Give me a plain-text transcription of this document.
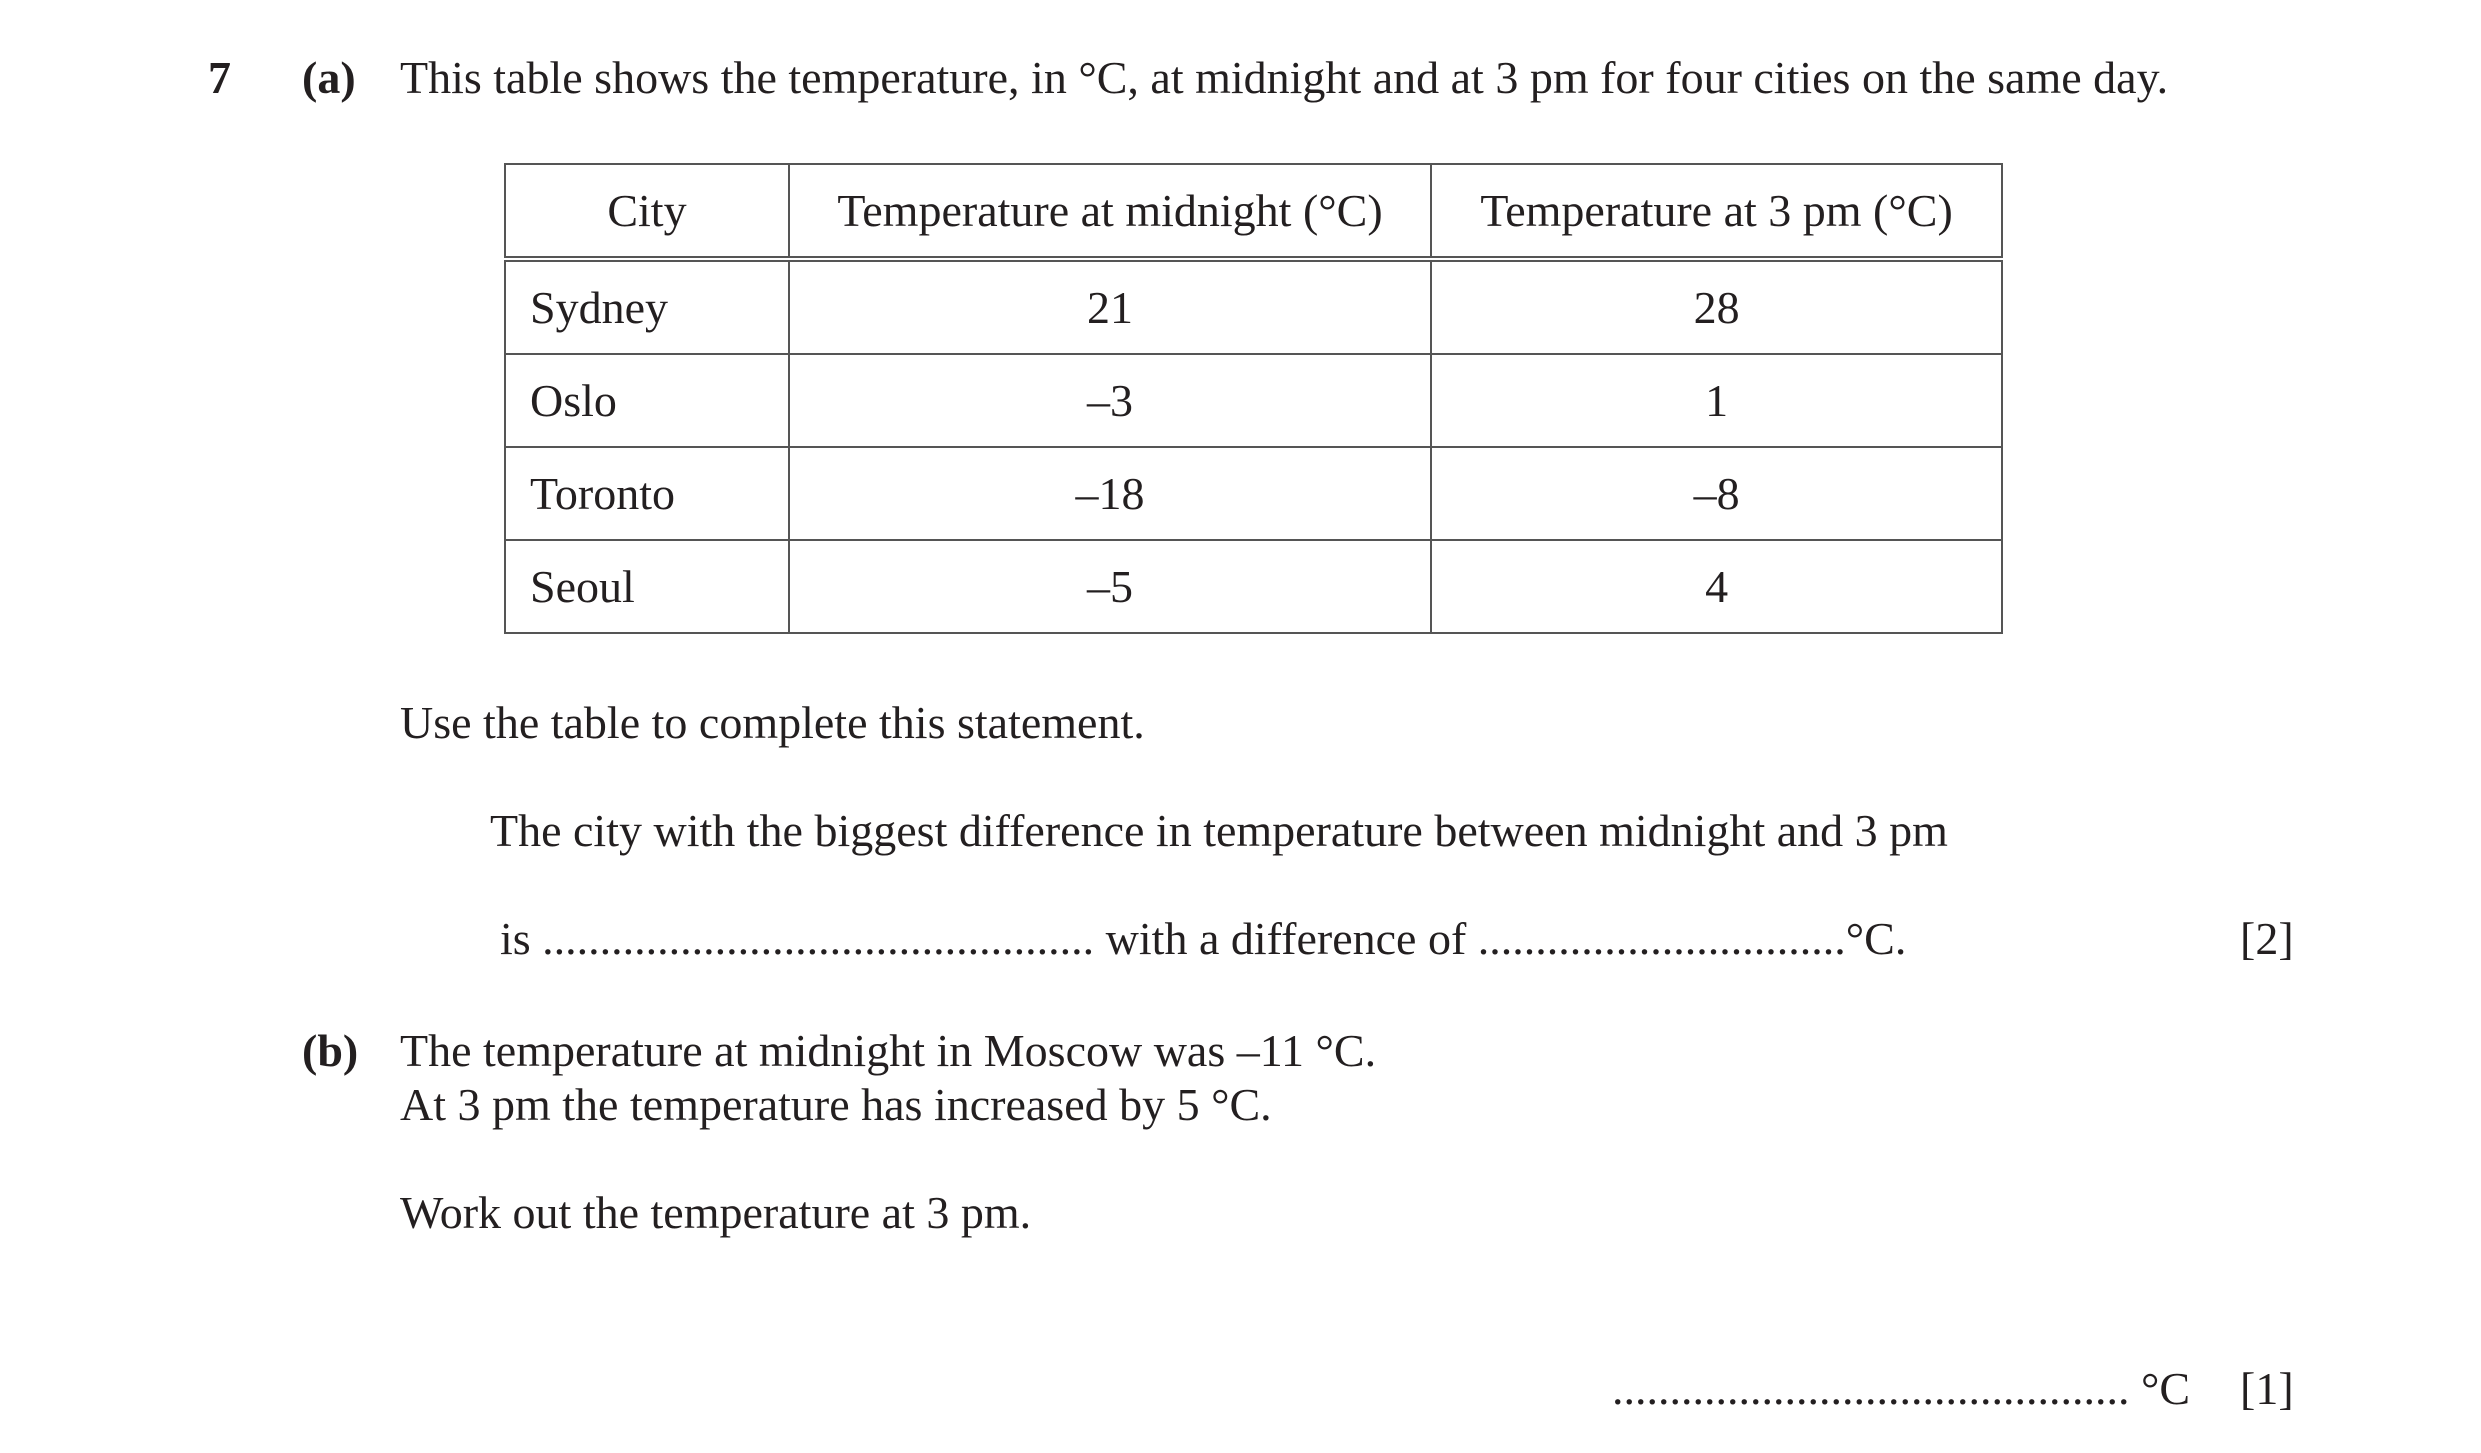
7 (a) This table shows the temperature, in °C, at midnight and at 3 pm for four cities on the same day.
City	Temperature at midnight (°C)	Temperature at 3 pm (°C)
Sydney	21	28
Oslo	–3	1
Toronto	–18	–8
Seoul	–5	4
Use the table to complete this statement.
The city with the biggest difference in temperature between midnight and 3 pm
is ................................................ with a difference of ................................°C.	[2]
(b) The temperature at midnight in Moscow was –11 °C.
At 3 pm the temperature has increased by 5 °C.
Work out the temperature at 3 pm.
............................................. °C [1]
